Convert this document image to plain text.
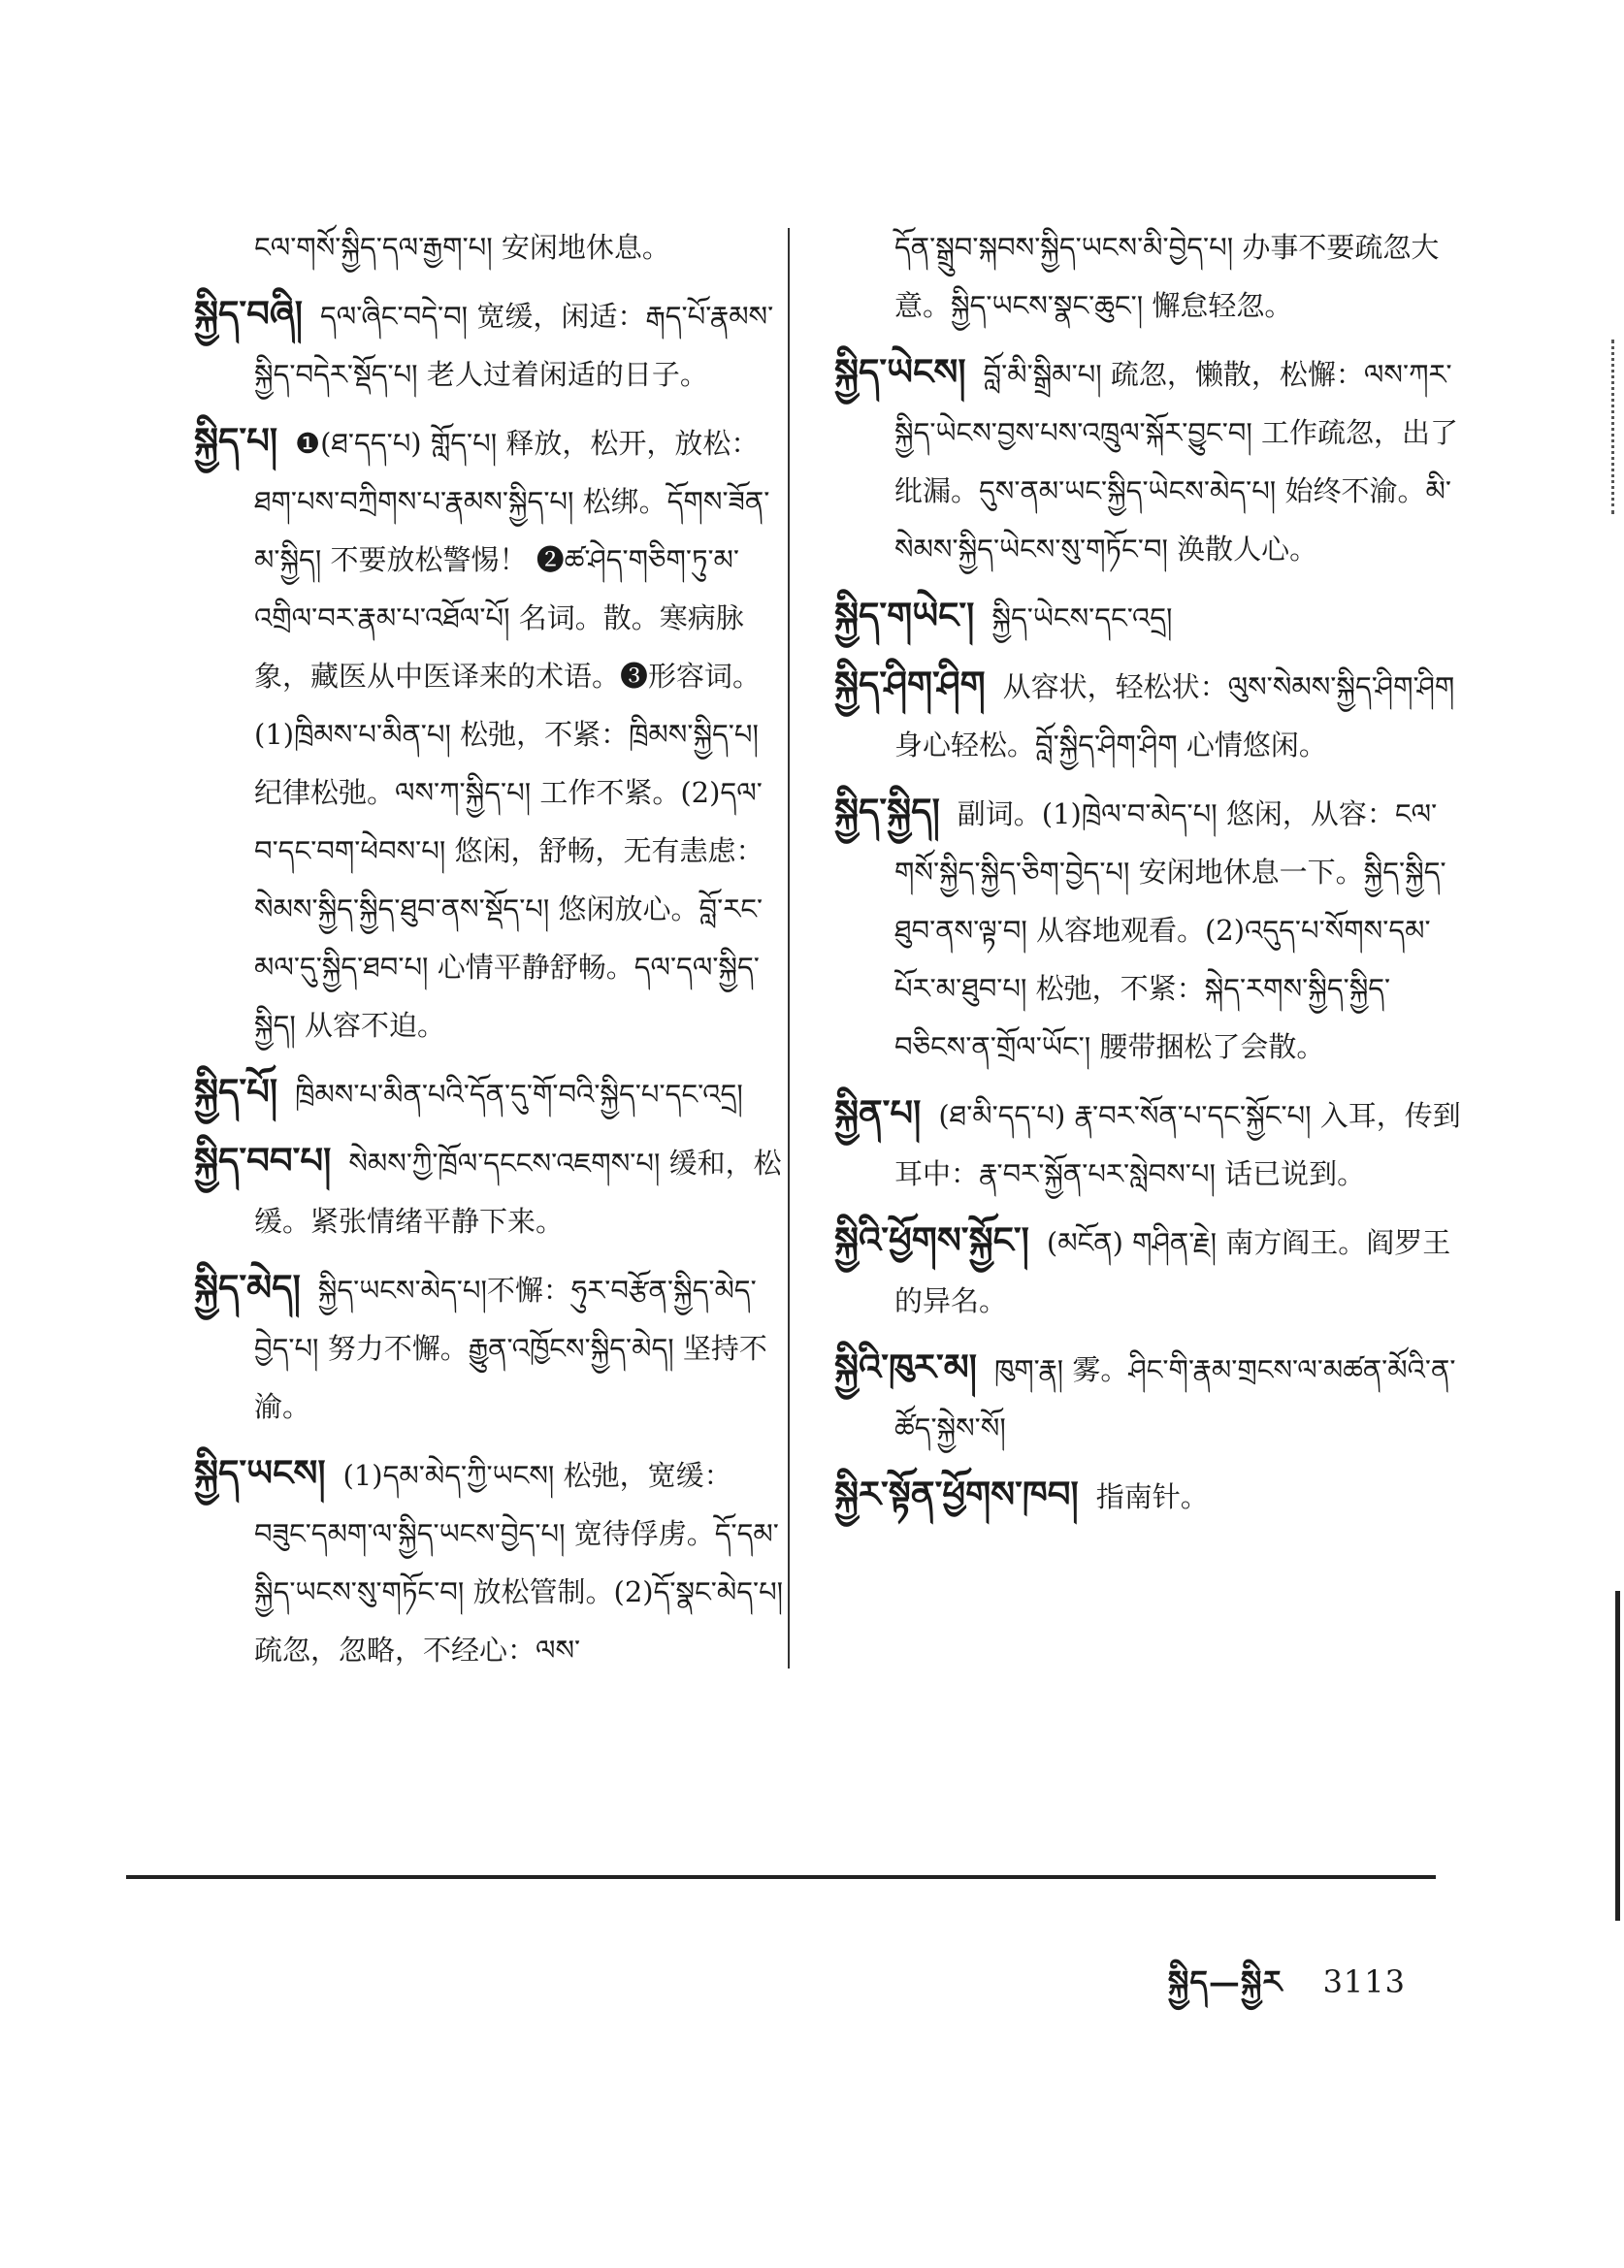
ངལ་གསོ་སྐྱིད་དལ་རྒྱག་པ། 安闲地休息。
སྐྱིད་བཞི། དལ་ཞིང་བདེ་བ། 宽缓，闲适：རྒད་པོ་རྣམས་སྐྱིད་བདེར་སྡོད་པ། 老人过着闲适的日子。
སྐྱིད་པ། ❶(ཐ་དད་པ) གློད་པ། 释放，松开，放松：ཐག་པས་བཀྲིགས་པ་རྣམས་སྐྱིད་པ། 松绑。དོགས་ཟོན་མ་སྐྱིད། 不要放松警惕！ ❷ཚ་ཤེད་གཅིག་ཏུ་མ་འགྲིལ་བར་རྣམ་པ་འཐོལ་པོ། 名词。散。寒病脉象，藏医从中医译来的术语。❸形容词。(1)ཁྲིམས་པ་མིན་པ། 松弛，不紧：ཁྲིམས་སྐྱིད་པ། 纪律松弛。ལས་ཀ་སྐྱིད་པ། 工作不紧。(2)དལ་བ་དང་བག་ཕེབས་པ། 悠闲，舒畅，无有恚虑：སེམས་སྐྱིད་སྐྱིད་ཐུབ་ནས་སྡོད་པ། 悠闲放心。བློ་རང་མལ་དུ་སྐྱིད་ཐབ་པ། 心情平静舒畅。དལ་དལ་སྐྱིད་སྐྱིད། 从容不迫。
སྐྱིད་པོ། ཁྲིམས་པ་མིན་པའི་དོན་དུ་གོ་བའི་སྐྱིད་པ་དང་འདྲ།
སྐྱིད་བབ་པ། སེམས་ཀྱི་ཁྲོལ་དངངས་འཇགས་པ། 缓和，松缓。紧张情绪平静下来。
སྐྱིད་མེད། སྐྱིད་ཡངས་མེད་པ།不懈：ཧུར་བརྩོན་སྐྱིད་མེད་བྱེད་པ། 努力不懈。རྒྱུན་འཁྱོངས་སྐྱིད་མེད། 坚持不渝。
སྐྱིད་ཡངས། (1)དམ་མེད་ཀྱི་ཡངས། 松弛，宽缓：བཟུང་དམག་ལ་སྐྱིད་ཡངས་བྱེད་པ། 宽待俘虏。དོ་དམ་སྐྱིད་ཡངས་སུ་གཏོང་བ། 放松管制。(2)དོ་སྣང་མེད་པ། 疏忽，忽略，不经心：ལས་
དོན་སྒྲུབ་སྐབས་སྐྱིད་ཡངས་མི་བྱེད་པ། 办事不要疏忽大意。སྐྱིད་ཡངས་སྣང་ཆུང་། 懈怠轻忽。
སྐྱིད་ཡེངས། བློ་མི་སྒྲིམ་པ། 疏忽，懒散，松懈：ལས་ཀར་སྐྱིད་ཡེངས་བྱས་པས་འཁྲུལ་སྐོར་བྱུང་བ། 工作疏忽，出了纰漏。དུས་ནམ་ཡང་སྐྱིད་ཡེངས་མེད་པ། 始终不渝。མི་སེམས་སྐྱིད་ཡེངས་སུ་གཏོང་བ། 涣散人心。
སྐྱིད་གཡེང་། སྐྱིད་ཡེངས་དང་འདྲ།
སྐྱིད་ཤིག་ཤིག 从容状，轻松状：ལུས་སེམས་སྐྱིད་ཤིག་ཤིག 身心轻松。བློ་སྐྱིད་ཤིག་ཤིག 心情悠闲。
སྐྱིད་སྐྱིད། 副词。(1)ཁྲེལ་བ་མེད་པ། 悠闲，从容：ངལ་གསོ་སྐྱིད་སྐྱིད་ཅིག་བྱེད་པ། 安闲地休息一下。སྐྱིད་སྐྱིད་ཐུབ་ནས་ལྟ་བ། 从容地观看。(2)འདུད་པ་སོགས་དམ་པོར་མ་ཐུབ་པ། 松弛，不紧：སྐེད་རགས་སྐྱིད་སྐྱིད་བཅིངས་ན་གྲོལ་ཡོང་། 腰带捆松了会散。
སྐྱིན་པ། (ཐ་མི་དད་པ) རྣ་བར་སོན་པ་དང་སྐྱོང་པ། 入耳，传到耳中：རྣ་བར་སྐྱོན་པར་སླེབས་པ། 话已说到。
སྐྱིའི་ཕྱོགས་སྐྱོང་། (མངོན) གཤིན་རྗེ། 南方阎王。阎罗王的异名。
སྐྱིའི་ཁུར་མ། ཁུག་རྣ། 雾。ཤིང་གི་རྣམ་གྲངས་ལ་མཚན་མོའི་ན་ཚོད་སྐྱེས་སོ།
སྐྱིར་སྟོན་ཕྱོགས་ཁབ། 指南针。
སྐྱིད—སྐྱིར 3113
